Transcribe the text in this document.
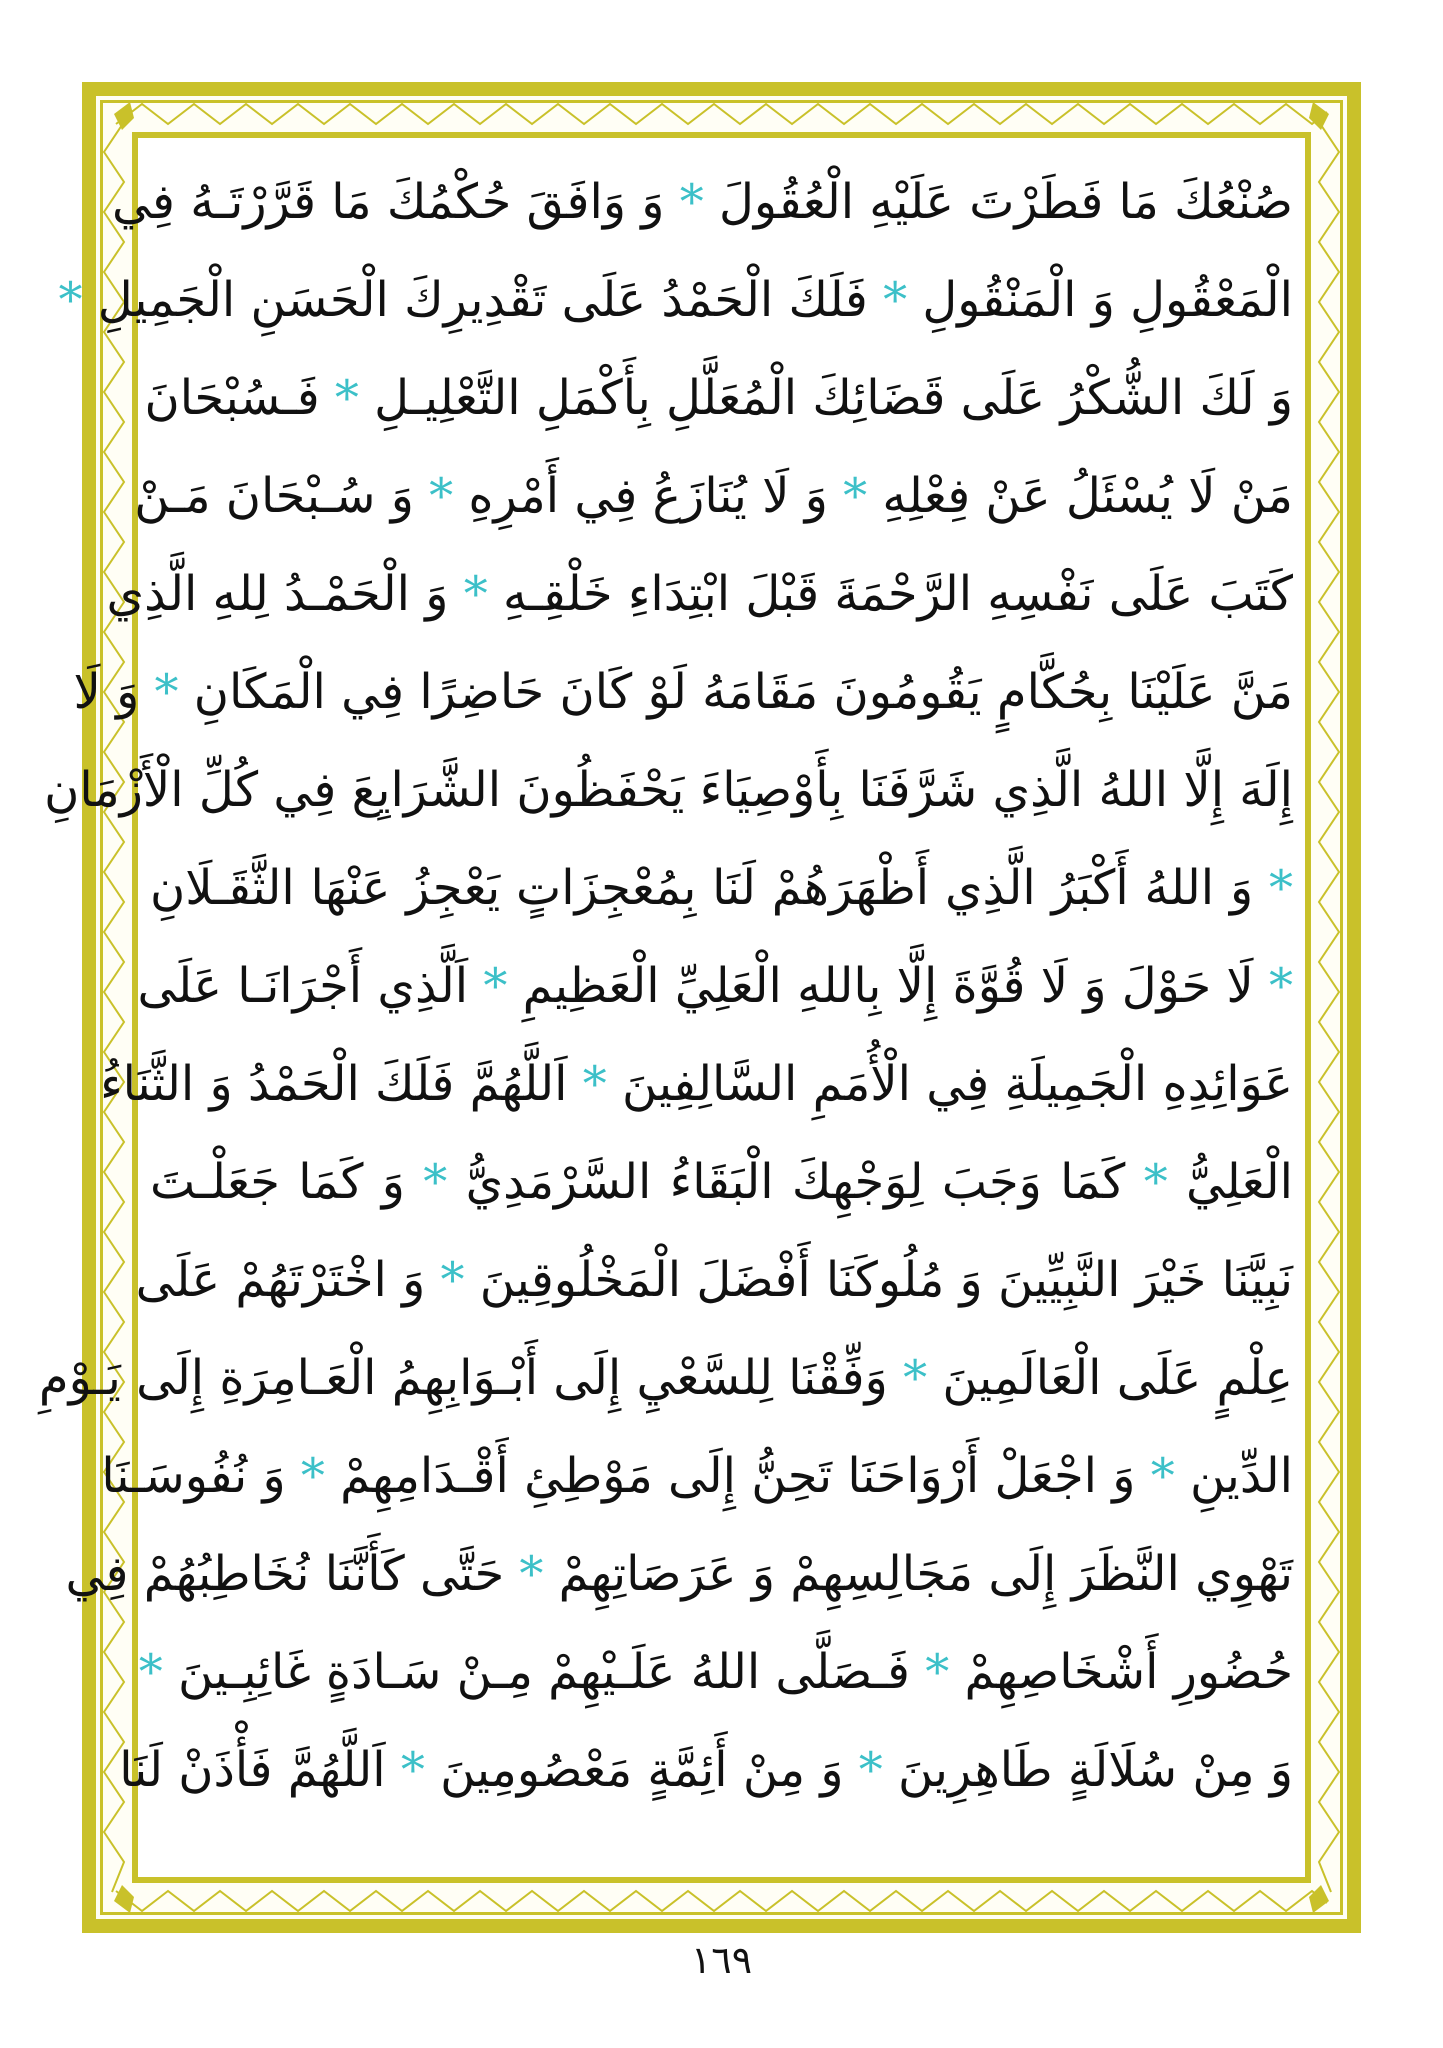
صُنْعُكَ مَا فَطَرْتَ عَلَيْهِ الْعُقُولَ * وَ وَافَقَ حُكْمُكَ مَا قَرَّرْتَـهُ فِي
الْمَعْقُولِ وَ الْمَنْقُولِ * فَلَكَ الْحَمْدُ عَلَى تَقْدِيرِكَ الْحَسَنِ الْجَمِيلِ *
وَ لَكَ الشُّكْرُ عَلَى قَضَائِكَ الْمُعَلَّلِ بِأَكْمَلِ التَّعْلِيـلِ * فَـسُبْحَانَ
مَنْ لَا يُسْئَلُ عَنْ فِعْلِهِ * وَ لَا يُنَازَعُ فِي أَمْرِهِ * وَ سُـبْحَانَ مَـنْ
كَتَبَ عَلَى نَفْسِهِ الرَّحْمَةَ قَبْلَ ابْتِدَاءِ خَلْقِـهِ * وَ الْحَمْـدُ لِلهِ الَّذِي
مَنَّ عَلَيْنَا بِحُكَّامٍ يَقُومُونَ مَقَامَهُ لَوْ كَانَ حَاضِرًا فِي الْمَكَانِ * وَ لَا
إِلَهَ إِلَّا اللهُ الَّذِي شَرَّفَنَا بِأَوْصِيَاءَ يَحْفَظُونَ الشَّرَايِعَ فِي كُلِّ الْأَزْمَانِ
* وَ اللهُ أَكْبَرُ الَّذِي أَظْهَرَهُمْ لَنَا بِمُعْجِزَاتٍ يَعْجِزُ عَنْهَا الثَّقَـلَانِ
* لَا حَوْلَ وَ لَا قُوَّةَ إِلَّا بِاللهِ الْعَلِيِّ الْعَظِيمِ * اَلَّذِي أَجْرَانَـا عَلَى
عَوَائِدِهِ الْجَمِيلَةِ فِي الْأُمَمِ السَّالِفِينَ * اَللَّهُمَّ فَلَكَ الْحَمْدُ وَ الثَّنَاءُ
الْعَلِيُّ * كَمَا وَجَبَ لِوَجْهِكَ الْبَقَاءُ السَّرْمَدِيُّ * وَ كَمَا جَعَلْـتَ
نَبِيَّنَا خَيْرَ النَّبِيِّينَ وَ مُلُوكَنَا أَفْضَلَ الْمَخْلُوقِينَ * وَ اخْتَرْتَهُمْ عَلَى
عِلْمٍ عَلَى الْعَالَمِينَ * وَفِّقْنَا لِلسَّعْيِ إِلَى أَبْـوَابِهِمُ الْعَـامِرَةِ إِلَى يَـوْمِ
الدِّينِ * وَ اجْعَلْ أَرْوَاحَنَا تَحِنُّ إِلَى مَوْطِئِ أَقْـدَامِهِمْ * وَ نُفُوسَـنَا
تَهْوِي النَّظَرَ إِلَى مَجَالِسِهِمْ وَ عَرَصَاتِهِمْ * حَتَّى كَأَنَّنَا نُخَاطِبُهُمْ فِي
حُضُورِ أَشْخَاصِهِمْ * فَـصَلَّى اللهُ عَلَـيْهِمْ مِـنْ سَـادَةٍ غَائِبِـينَ *
وَ مِنْ سُلَالَةٍ طَاهِرِينَ * وَ مِنْ أَئِمَّةٍ مَعْصُومِينَ * اَللَّهُمَّ فَأْذَنْ لَنَا
١٦٩
